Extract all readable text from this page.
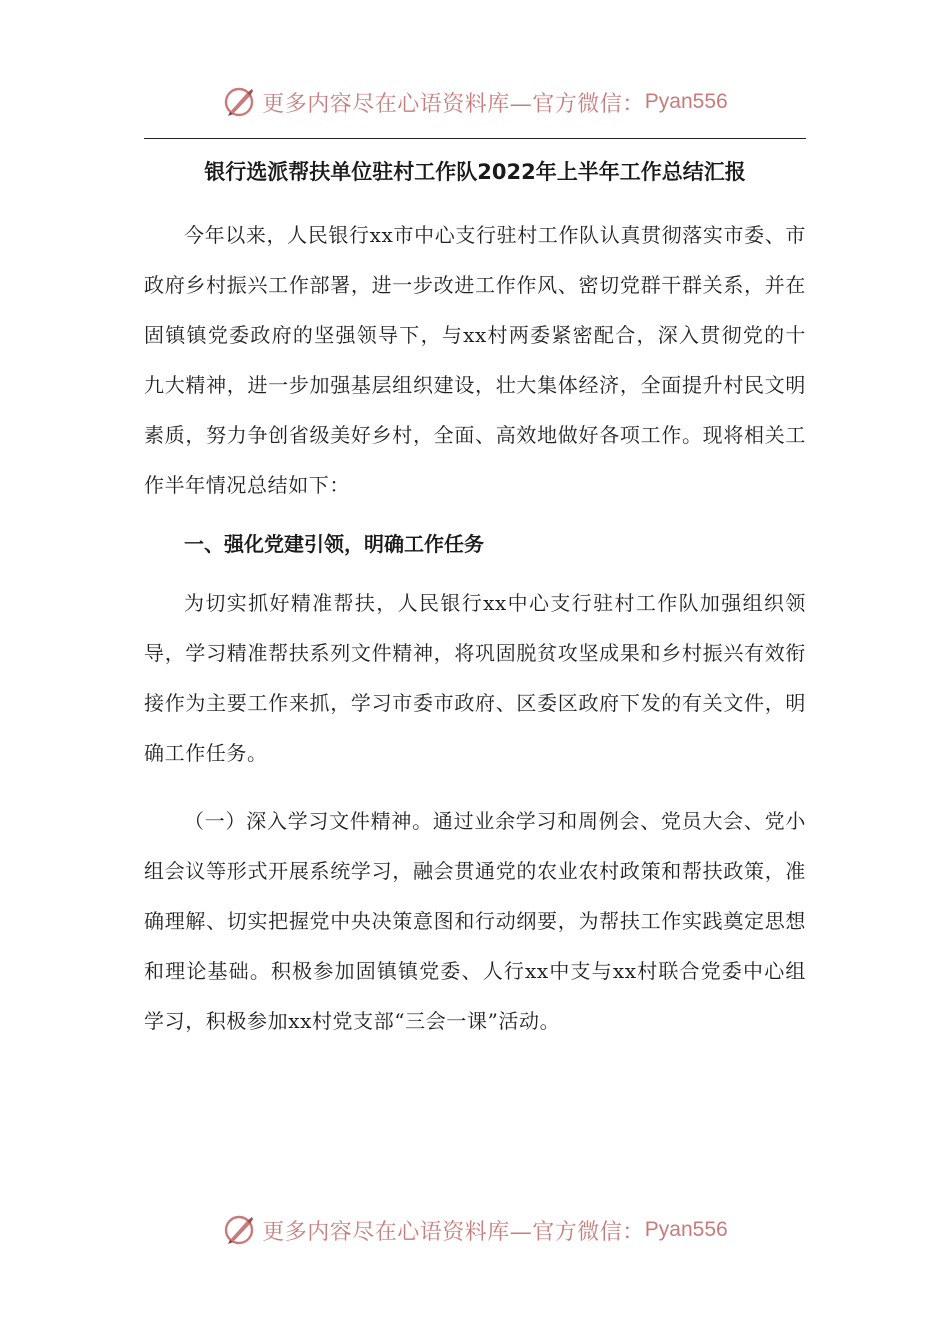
更多内容尽在心语资料库—官方微信： Pyan556
银行选派帮扶单位驻村工作队2022年上半年工作总结汇报

今年以来，人民银行xx市中心支行驻村工作队认真贯彻落实市委、市政府乡村振兴工作部署，进一步改进工作作风、密切党群干群关系，并在固镇镇党委政府的坚强领导下，与xx村两委紧密配合，深入贯彻党的十九大精神，进一步加强基层组织建设，壮大集体经济，全面提升村民文明素质，努力争创省级美好乡村，全面、高效地做好各项工作。现将相关工作半年情况总结如下：

一、强化党建引领，明确工作任务

为切实抓好精准帮扶，人民银行xx中心支行驻村工作队加强组织领导，学习精准帮扶系列文件精神，将巩固脱贫攻坚成果和乡村振兴有效衔接作为主要工作来抓，学习市委市政府、区委区政府下发的有关文件，明确工作任务。

（一）深入学习文件精神。通过业余学习和周例会、党员大会、党小组会议等形式开展系统学习，融会贯通党的农业农村政策和帮扶政策，准确理解、切实把握党中央决策意图和行动纲要，为帮扶工作实践奠定思想和理论基础。积极参加固镇镇党委、人行xx中支与xx村联合党委中心组学习，积极参加xx村党支部“三会一课”活动。

更多内容尽在心语资料库—官方微信： Pyan556
